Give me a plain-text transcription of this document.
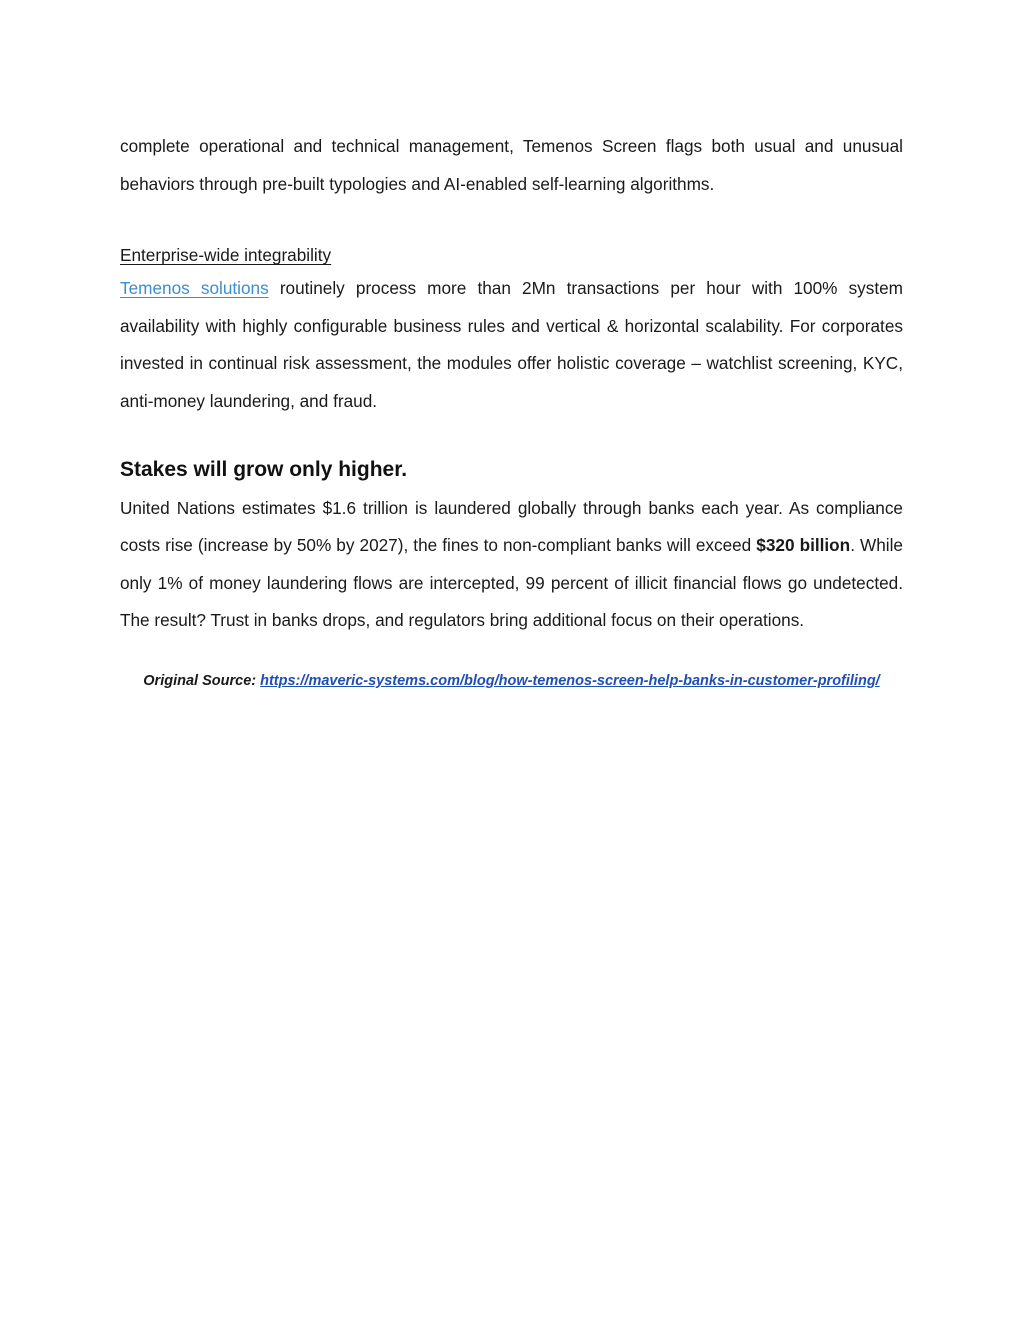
complete operational and technical management, Temenos Screen flags both usual and unusual behaviors through pre-built typologies and AI-enabled self-learning algorithms.

Enterprise-wide integrability

Temenos solutions routinely process more than 2Mn transactions per hour with 100% system availability with highly configurable business rules and vertical & horizontal scalability. For corporates invested in continual risk assessment, the modules offer holistic coverage – watchlist screening, KYC, anti-money laundering, and fraud.

Stakes will grow only higher.

United Nations estimates $1.6 trillion is laundered globally through banks each year. As compliance costs rise (increase by 50% by 2027), the fines to non-compliant banks will exceed $320 billion. While only 1% of money laundering flows are intercepted, 99 percent of illicit financial flows go undetected. The result? Trust in banks drops, and regulators bring additional focus on their operations.

Original Source: https://maveric-systems.com/blog/how-temenos-screen-help-banks-in-customer-profiling/
